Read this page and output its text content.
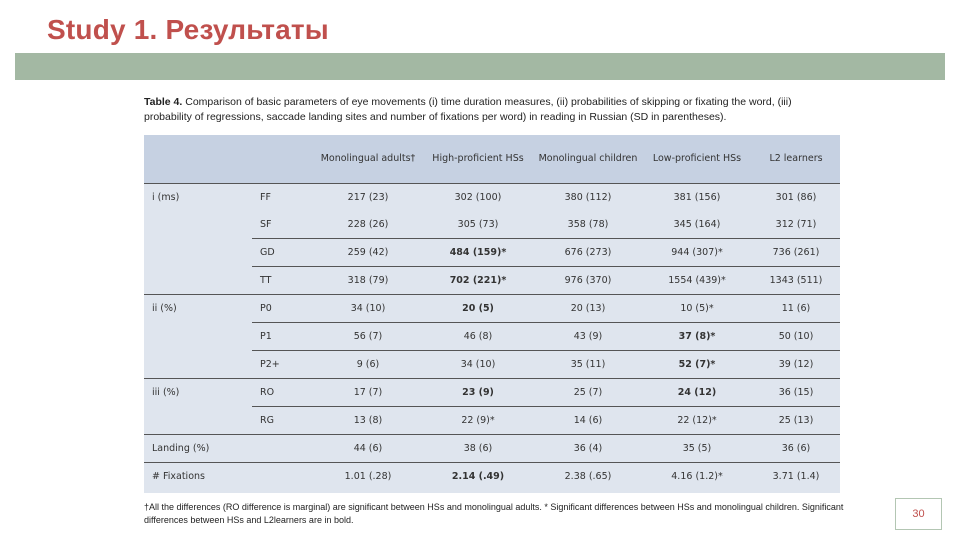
Study 1. Результаты
Table 4. Comparison of basic parameters of eye movements (i) time duration measures, (ii) probabilities of skipping or fixating the word, (iii) probability of regressions, saccade landing sites and number of fixations per word) in reading in Russian (SD in parentheses).
		Monolingual adults†	High-proficient HSs	Monolingual children	Low-proficient HSs	L2 learners
i (ms)	FF	217 (23)	302 (100)	380 (112)	381 (156)	301 (86)
	SF	228 (26)	305 (73)	358 (78)	345 (164)	312 (71)
	GD	259 (42)	484 (159)*	676 (273)	944 (307)*	736 (261)
	TT	318 (79)	702 (221)*	976 (370)	1554 (439)*	1343 (511)
ii (%)	P0	34 (10)	20 (5)	20 (13)	10 (5)*	11 (6)
	P1	56 (7)	46 (8)	43 (9)	37 (8)*	50 (10)
	P2+	9 (6)	34 (10)	35 (11)	52 (7)*	39 (12)
iii (%)	RO	17 (7)	23 (9)	25 (7)	24 (12)	36 (15)
	RG	13 (8)	22 (9)*	14 (6)	22 (12)*	25 (13)
Landing (%)		44 (6)	38 (6)	36 (4)	35 (5)	36 (6)
# Fixations		1.01 (.28)	2.14 (.49)	2.38 (.65)	4.16 (1.2)*	3.71 (1.4)
†All the differences (RO difference is marginal) are significant between HSs and monolingual adults. * Significant differences between HSs and monolingual children. Significant differences between HSs and L2learners are in bold.	30
